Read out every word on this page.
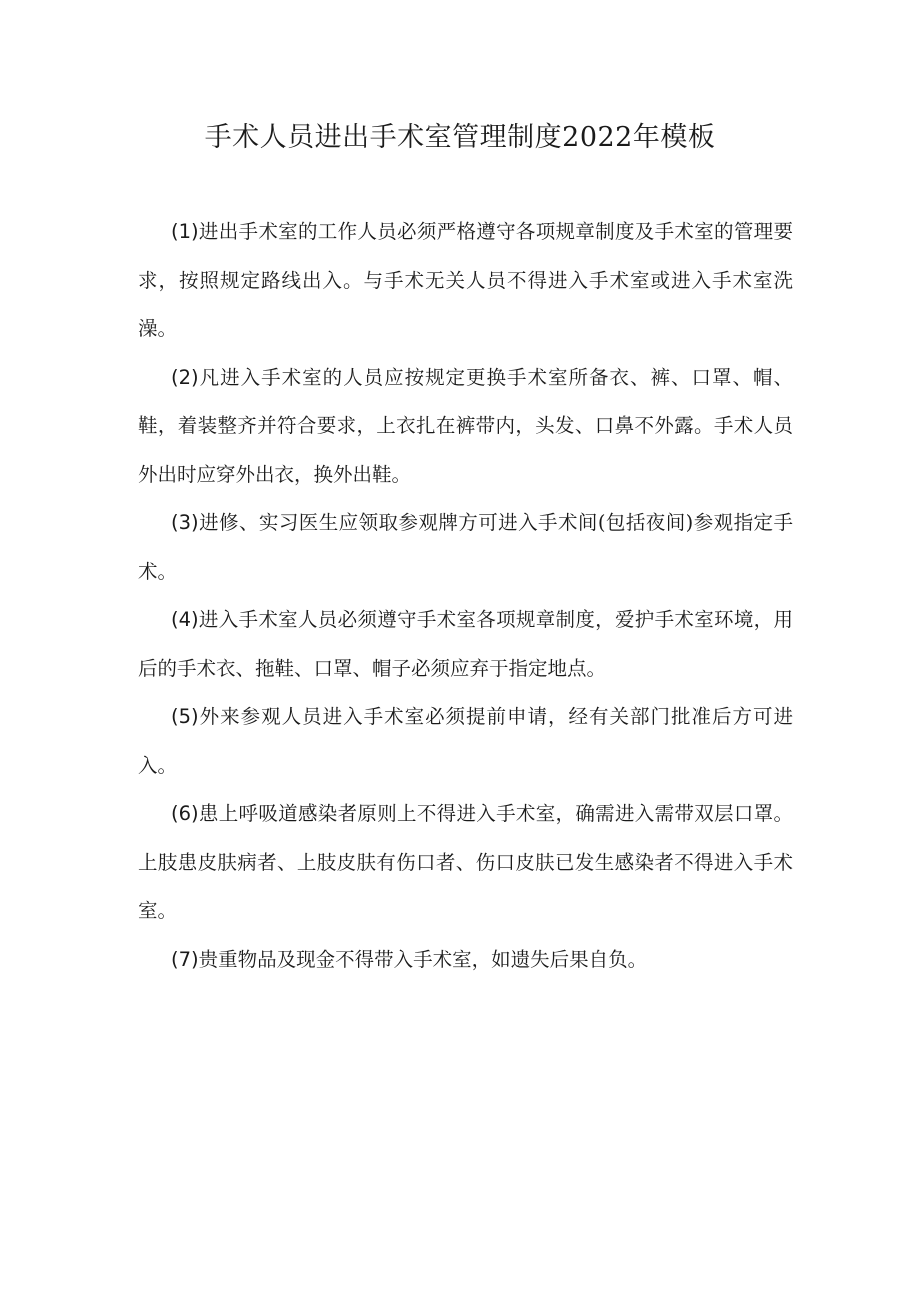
手术人员进出手术室管理制度2022年模板

(1)进出手术室的工作人员必须严格遵守各项规章制度及手术室的管理要求，按照规定路线出入。与手术无关人员不得进入手术室或进入手术室洗澡。

(2)凡进入手术室的人员应按规定更换手术室所备衣、裤、口罩、帽、鞋，着装整齐并符合要求，上衣扎在裤带内，头发、口鼻不外露。手术人员外出时应穿外出衣，换外出鞋。

(3)进修、实习医生应领取参观牌方可进入手术间(包括夜间)参观指定手术。

(4)进入手术室人员必须遵守手术室各项规章制度，爱护手术室环境，用后的手术衣、拖鞋、口罩、帽子必须应弃于指定地点。

(5)外来参观人员进入手术室必须提前申请，经有关部门批准后方可进入。

(6)患上呼吸道感染者原则上不得进入手术室，确需进入需带双层口罩。上肢患皮肤病者、上肢皮肤有伤口者、伤口皮肤已发生感染者不得进入手术室。

(7)贵重物品及现金不得带入手术室，如遗失后果自负。
